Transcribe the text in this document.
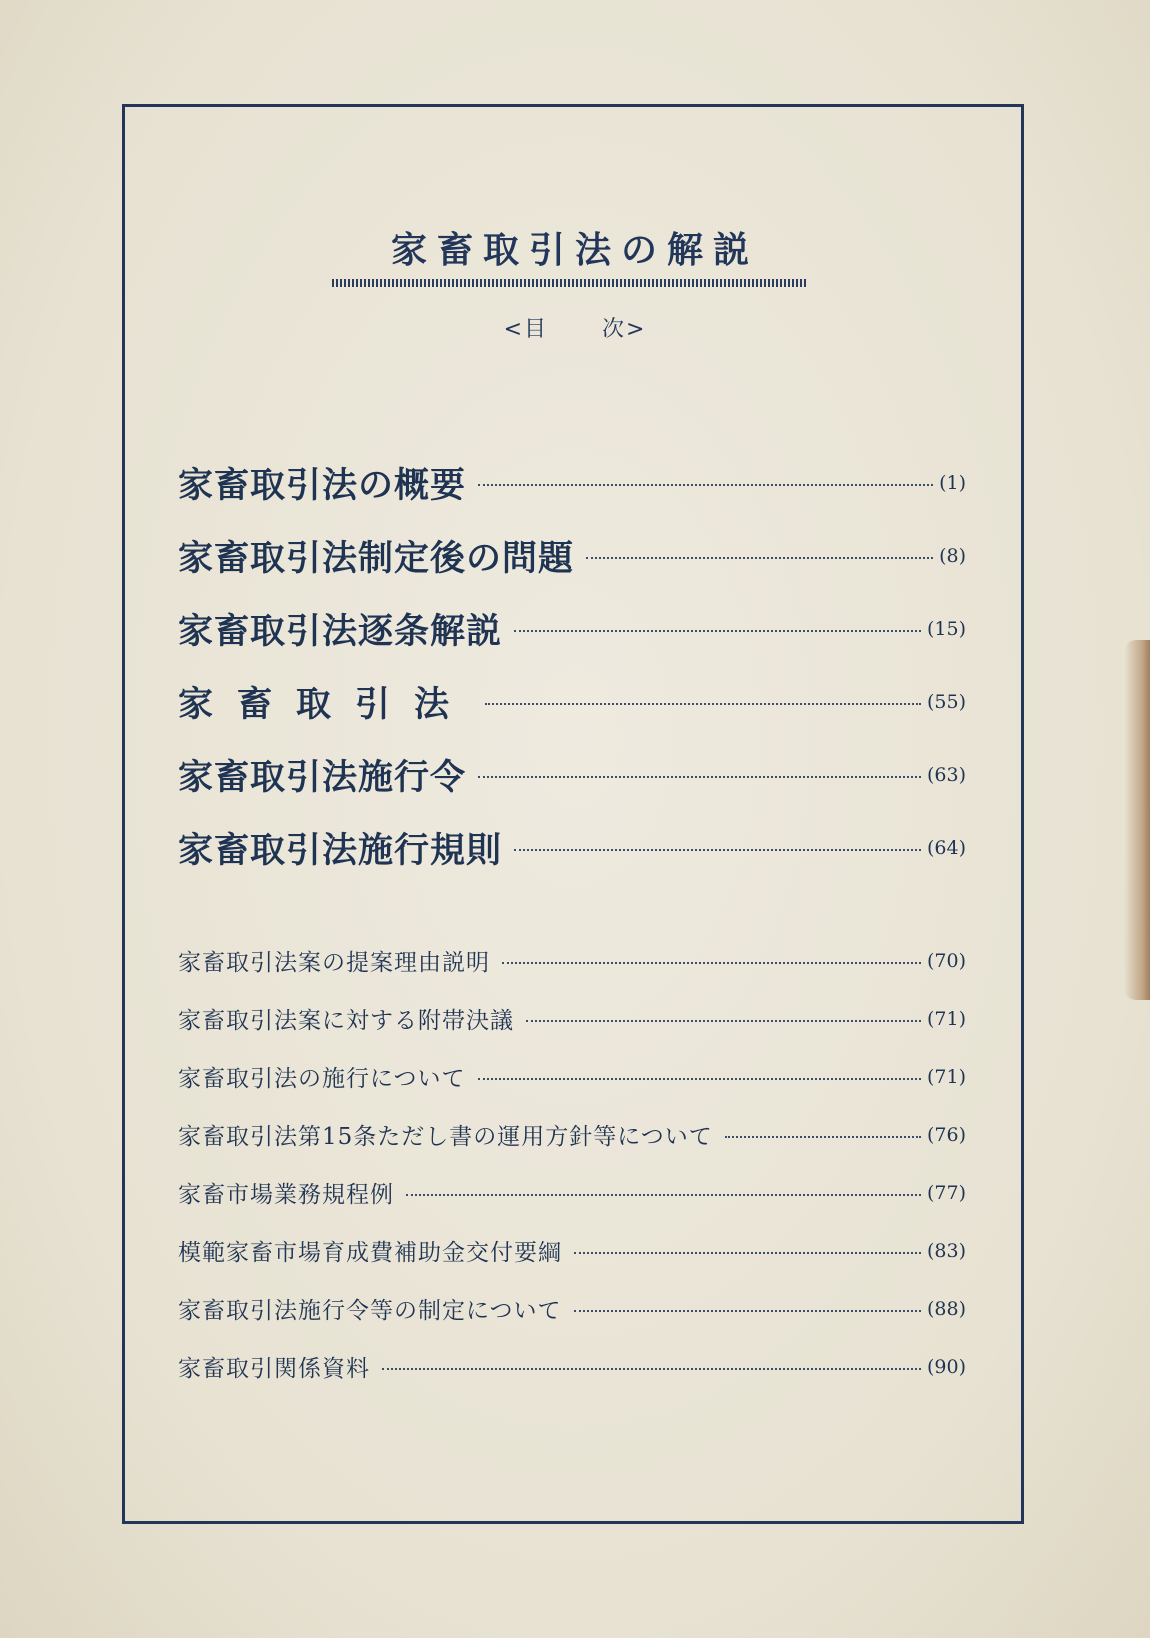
家畜取引法の解説
<目 次>
家畜取引法の概要	(1)
家畜取引法制定後の問題	(8)
家畜取引法逐条解説	(15)
家畜取引法	(55)
家畜取引法施行令	(63)
家畜取引法施行規則	(64)
家畜取引法案の提案理由説明	(70)
家畜取引法案に対する附帯決議	(71)
家畜取引法の施行について	(71)
家畜取引法第15条ただし書の運用方針等について	(76)
家畜市場業務規程例	(77)
模範家畜市場育成費補助金交付要綱	(83)
家畜取引法施行令等の制定について	(88)
家畜取引関係資料	(90)
